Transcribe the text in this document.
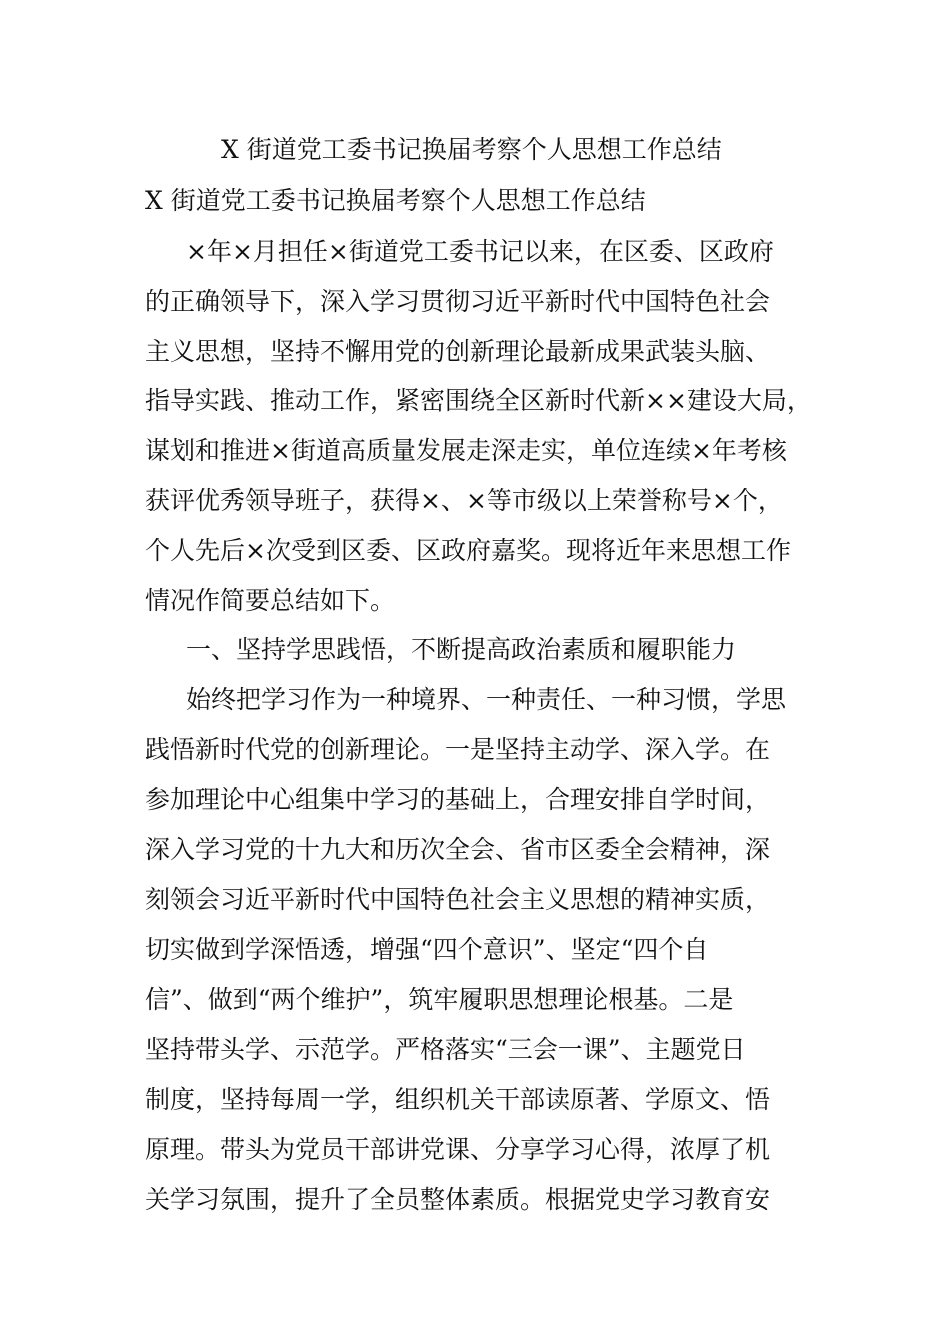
X 街道党工委书记换届考察个人思想工作总结
X 街道党工委书记换届考察个人思想工作总结
×年×月担任×街道党工委书记以来，在区委、区政府
的正确领导下，深入学习贯彻习近平新时代中国特色社会
主义思想，坚持不懈用党的创新理论最新成果武装头脑、
指导实践、推动工作，紧密围绕全区新时代新××建设大局，
谋划和推进×街道高质量发展走深走实，单位连续×年考核
获评优秀领导班子，获得×、×等市级以上荣誉称号×个，
个人先后×次受到区委、区政府嘉奖。现将近年来思想工作
情况作简要总结如下。
一、坚持学思践悟，不断提高政治素质和履职能力
始终把学习作为一种境界、一种责任、一种习惯，学思
践悟新时代党的创新理论。一是坚持主动学、深入学。在
参加理论中心组集中学习的基础上，合理安排自学时间，
深入学习党的十九大和历次全会、省市区委全会精神，深
刻领会习近平新时代中国特色社会主义思想的精神实质，
切实做到学深悟透，增强“四个意识”、坚定“四个自
信”、做到“两个维护”，筑牢履职思想理论根基。二是
坚持带头学、示范学。严格落实“三会一课”、主题党日
制度，坚持每周一学，组织机关干部读原著、学原文、悟
原理。带头为党员干部讲党课、分享学习心得，浓厚了机
关学习氛围，提升了全员整体素质。根据党史学习教育安
